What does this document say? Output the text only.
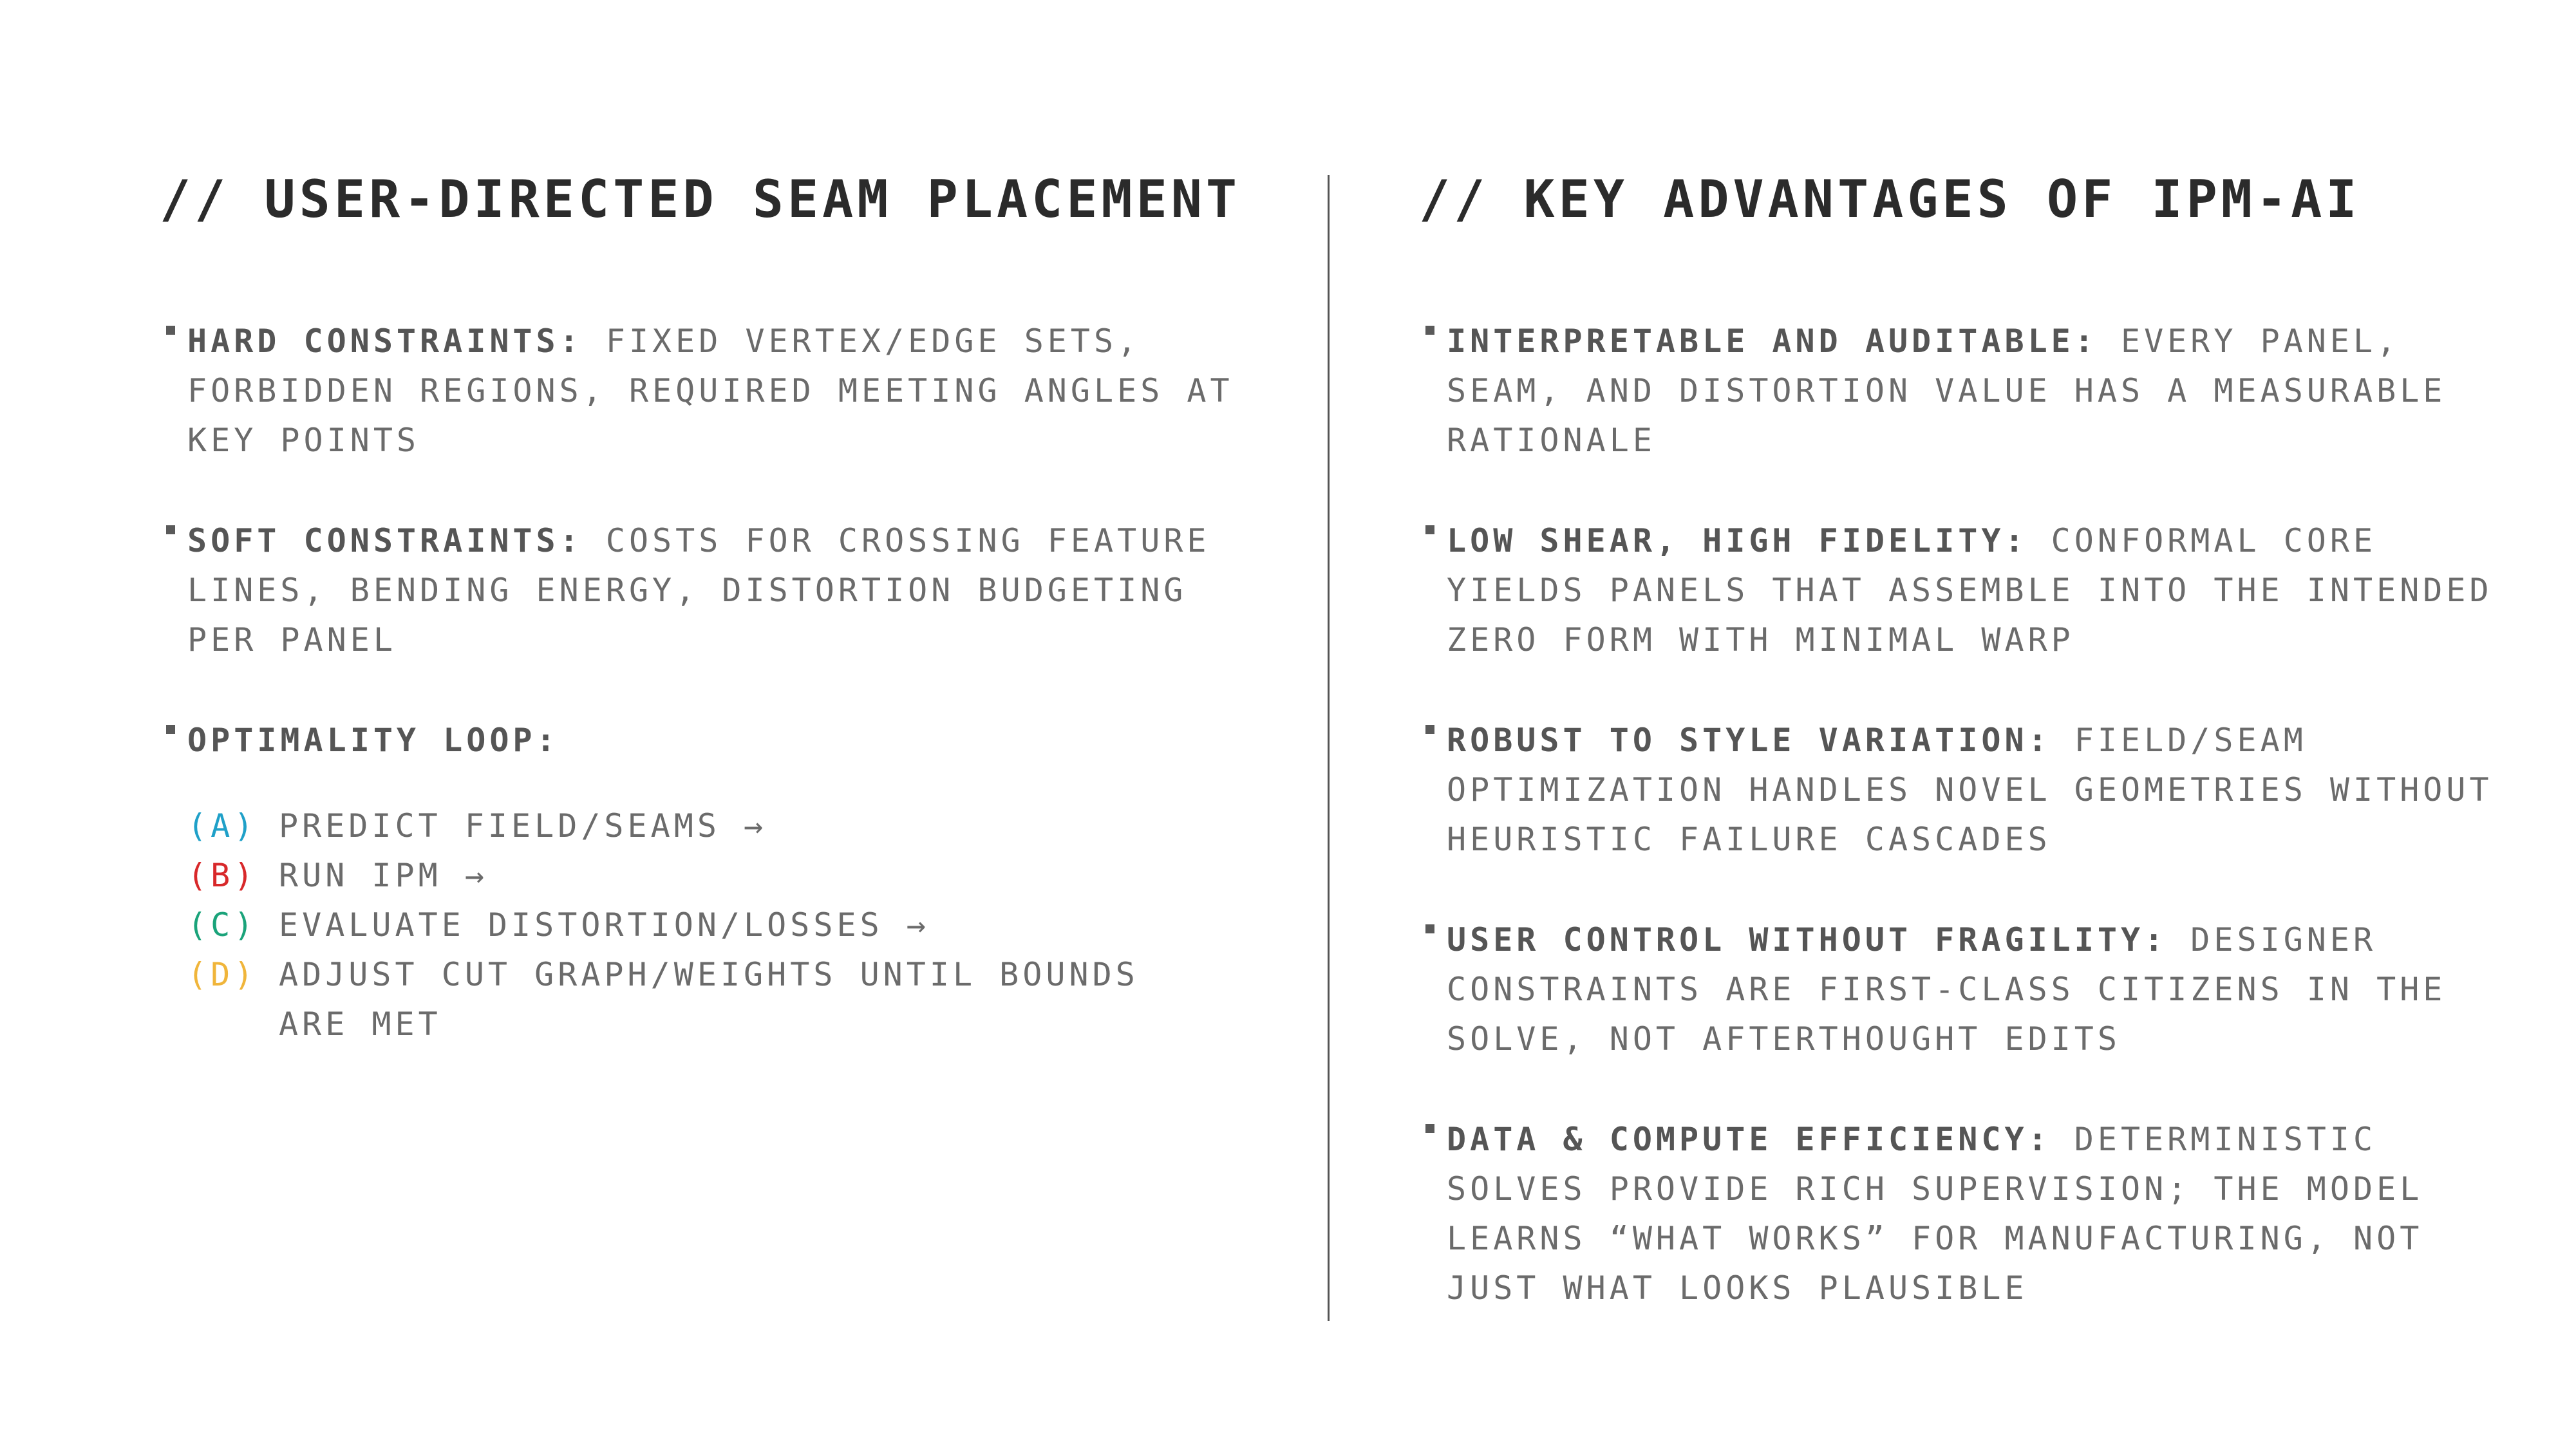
// USER-DIRECTED SEAM PLACEMENT
HARD CONSTRAINTS: FIXED VERTEX/EDGE SETS, FORBIDDEN REGIONS, REQUIRED MEETING ANGLES AT KEY POINTS
SOFT CONSTRAINTS: COSTS FOR CROSSING FEATURE LINES, BENDING ENERGY, DISTORTION BUDGETING PER PANEL
OPTIMALITY LOOP:
(A) PREDICT FIELD/SEAMS →
(B) RUN IPM →
(C) EVALUATE DISTORTION/LOSSES →
(D) ADJUST CUT GRAPH/WEIGHTS UNTIL BOUNDS ARE MET
// KEY ADVANTAGES OF IPM-AI
INTERPRETABLE AND AUDITABLE: EVERY PANEL, SEAM, AND DISTORTION VALUE HAS A MEASURABLE RATIONALE
LOW SHEAR, HIGH FIDELITY: CONFORMAL CORE YIELDS PANELS THAT ASSEMBLE INTO THE INTENDED ZERO FORM WITH MINIMAL WARP
ROBUST TO STYLE VARIATION: FIELD/SEAM OPTIMIZATION HANDLES NOVEL GEOMETRIES WITHOUT HEURISTIC FAILURE CASCADES
USER CONTROL WITHOUT FRAGILITY: DESIGNER CONSTRAINTS ARE FIRST-CLASS CITIZENS IN THE SOLVE, NOT AFTERTHOUGHT EDITS
DATA & COMPUTE EFFICIENCY: DETERMINISTIC SOLVES PROVIDE RICH SUPERVISION; THE MODEL LEARNS “WHAT WORKS” FOR MANUFACTURING, NOT JUST WHAT LOOKS PLAUSIBLE
